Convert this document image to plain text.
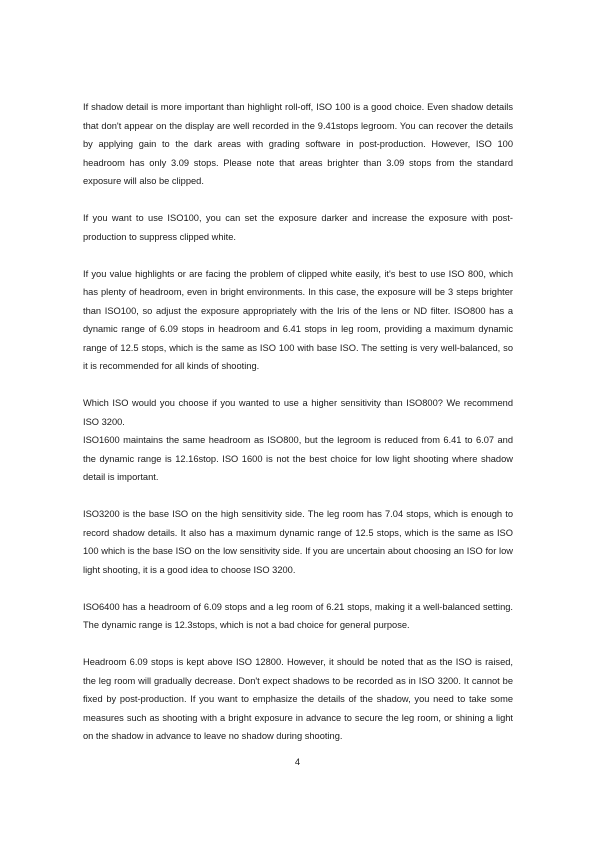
If shadow detail is more important than highlight roll-off, ISO 100 is a good choice. Even shadow details that don't appear on the display are well recorded in the 9.41stops legroom. You can recover the details by applying gain to the dark areas with grading software in post-production. However, ISO 100 headroom has only 3.09 stops. Please note that areas brighter than 3.09 stops from the standard exposure will also be clipped.

If you want to use ISO100, you can set the exposure darker and increase the exposure with post-production to suppress clipped white.

If you value highlights or are facing the problem of clipped white easily, it's best to use ISO 800, which has plenty of headroom, even in bright environments. In this case, the exposure will be 3 steps brighter than ISO100, so adjust the exposure appropriately with the Iris of the lens or ND filter. ISO800 has a dynamic range of 6.09 stops in headroom and 6.41 stops in leg room, providing a maximum dynamic range of 12.5 stops, which is the same as ISO 100 with base ISO. The setting is very well-balanced, so it is recommended for all kinds of shooting.

Which ISO would you choose if you wanted to use a higher sensitivity than ISO800? We recommend ISO 3200.

ISO1600 maintains the same headroom as ISO800, but the legroom is reduced from 6.41 to 6.07 and the dynamic range is 12.16stop. ISO 1600 is not the best choice for low light shooting where shadow detail is important.

ISO3200 is the base ISO on the high sensitivity side. The leg room has 7.04 stops, which is enough to record shadow details. It also has a maximum dynamic range of 12.5 stops, which is the same as ISO 100 which is the base ISO on the low sensitivity side. If you are uncertain about choosing an ISO for low light shooting, it is a good idea to choose ISO 3200.

ISO6400 has a headroom of 6.09 stops and a leg room of 6.21 stops, making it a well-balanced setting. The dynamic range is 12.3stops, which is not a bad choice for general purpose.

Headroom 6.09 stops is kept above ISO 12800. However, it should be noted that as the ISO is raised, the leg room will gradually decrease. Don't expect shadows to be recorded as in ISO 3200. It cannot be fixed by post-production. If you want to emphasize the details of the shadow, you need to take some measures such as shooting with a bright exposure in advance to secure the leg room, or shining a light on the shadow in advance to leave no shadow during shooting.

4
